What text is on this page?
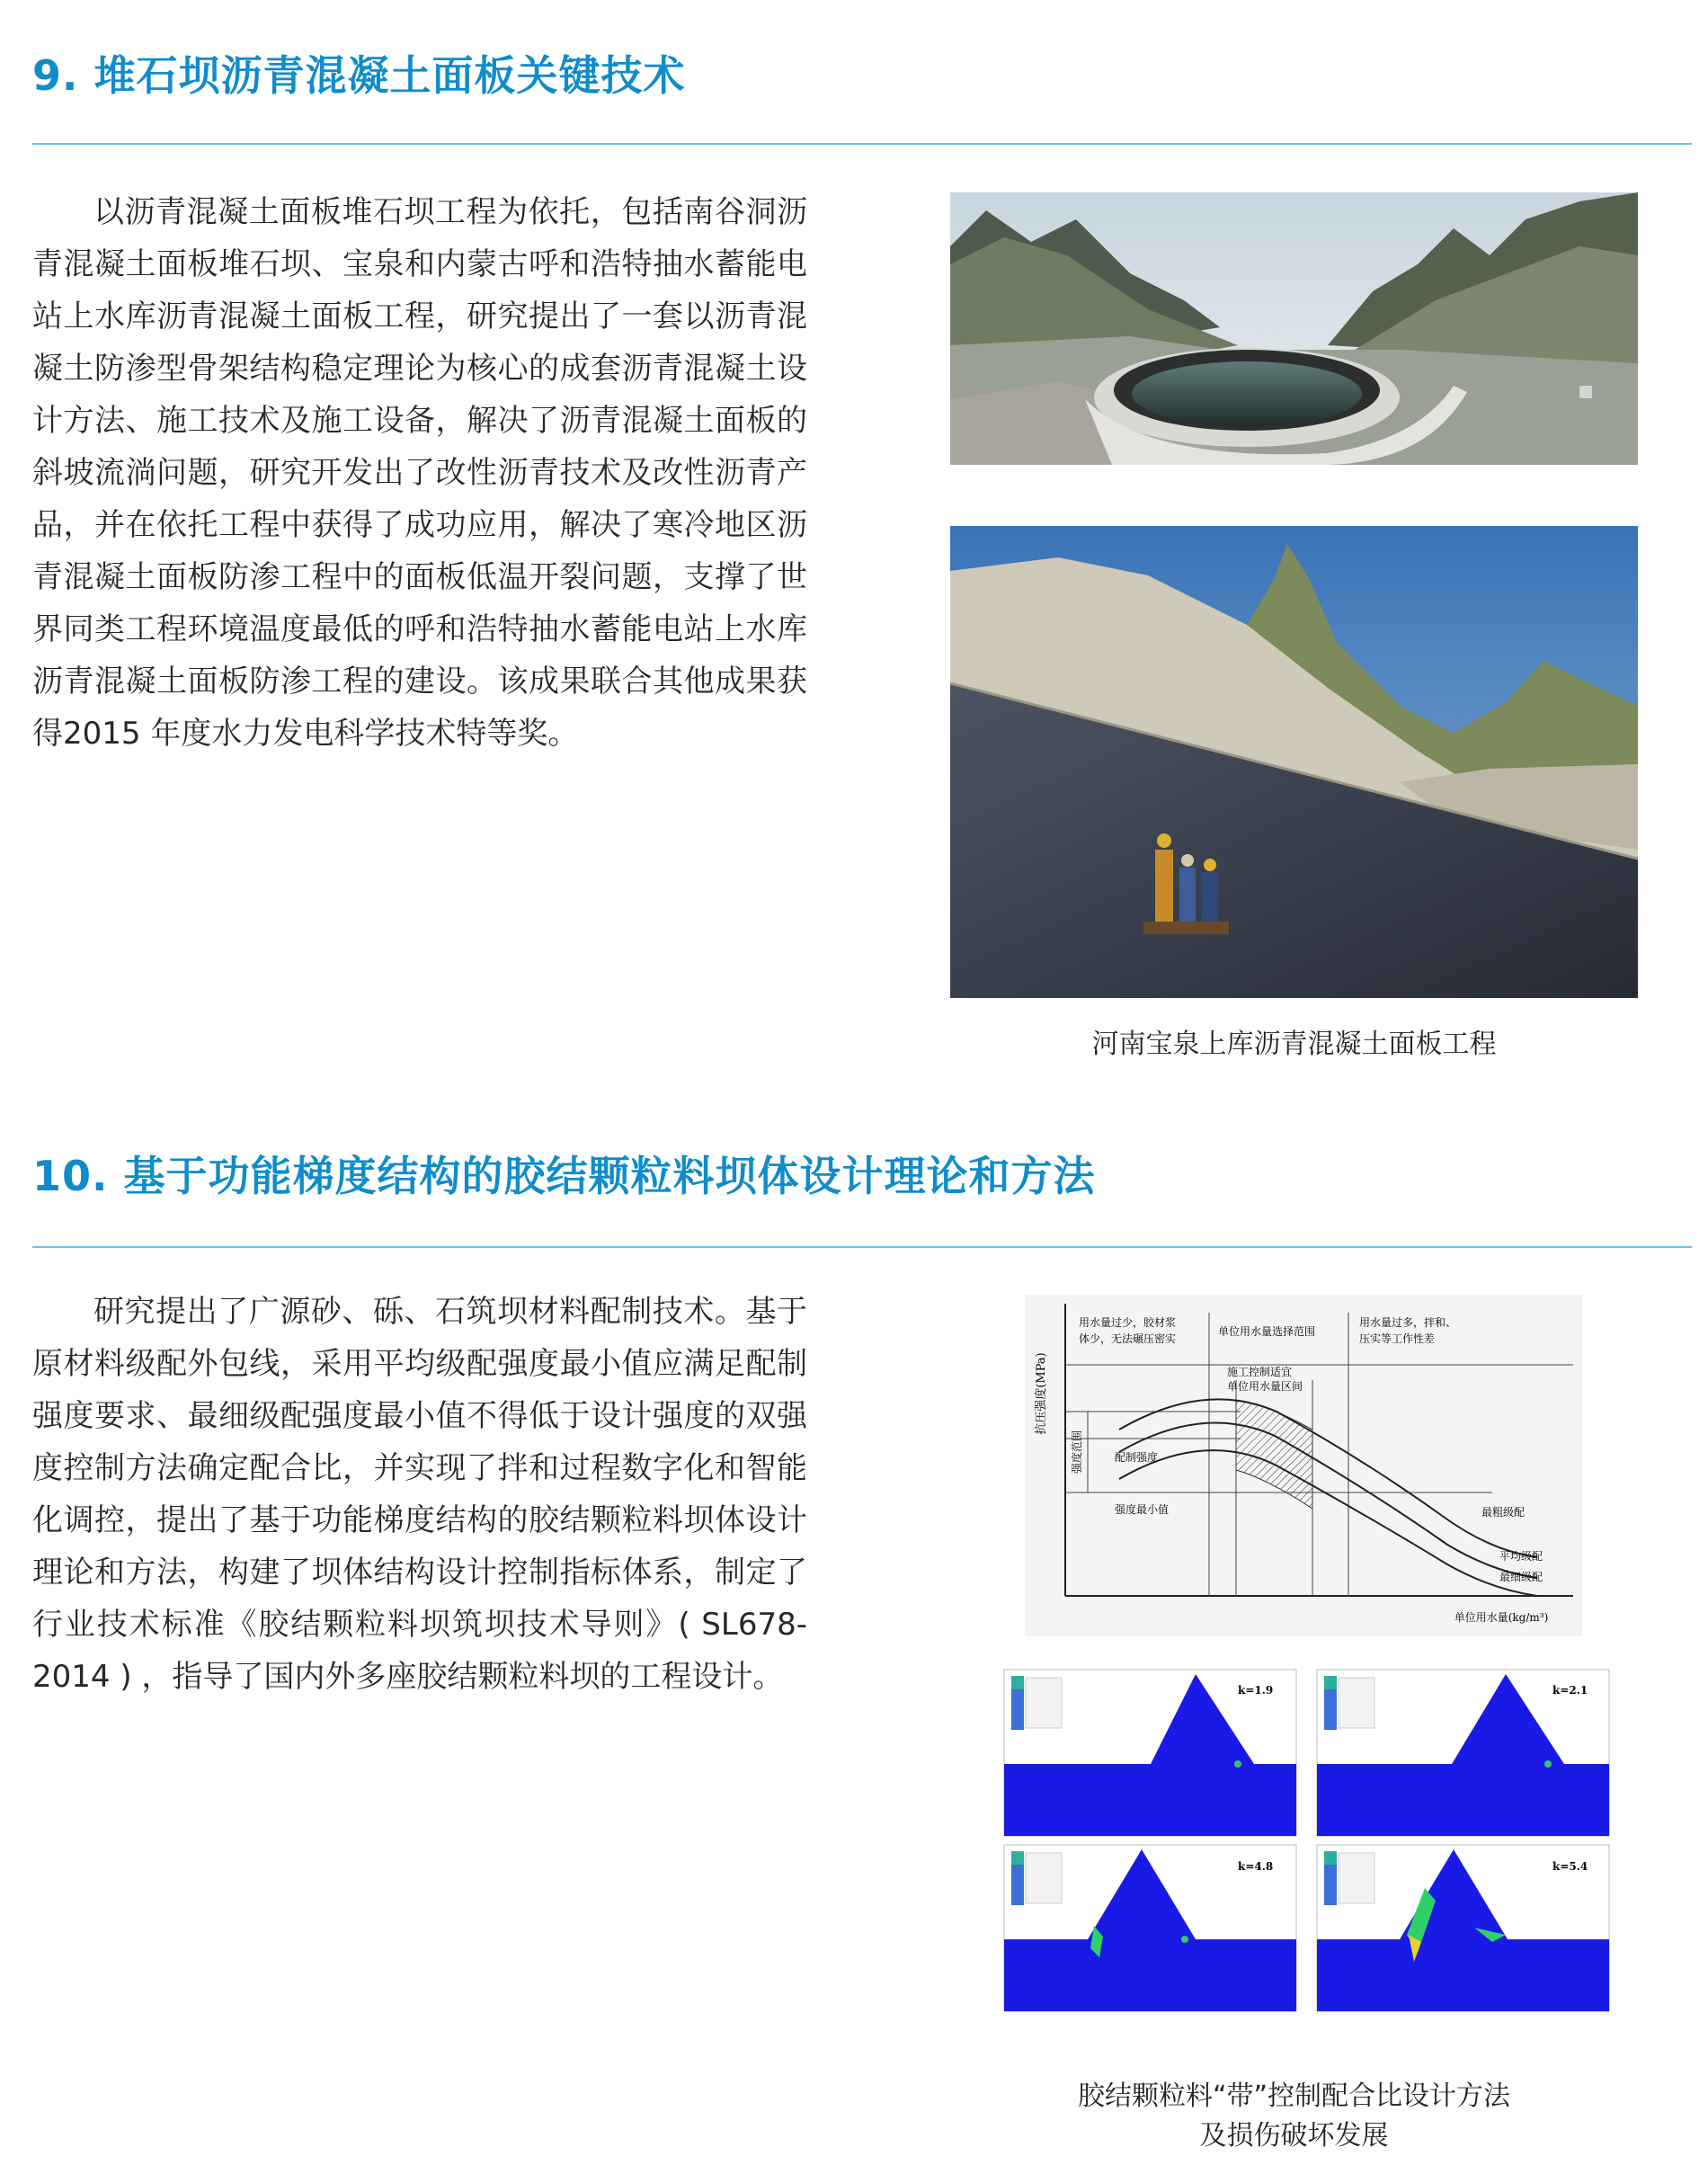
9. 堆石坝沥青混凝土面板关键技术

以沥青混凝土面板堆石坝工程为依托，包括南谷洞沥青混凝土面板堆石坝、宝泉和内蒙古呼和浩特抽水蓄能电站上水库沥青混凝土面板工程，研究提出了一套以沥青混凝土防渗型骨架结构稳定理论为核心的成套沥青混凝土设计方法、施工技术及施工设备，解决了沥青混凝土面板的斜坡流淌问题，研究开发出了改性沥青技术及改性沥青产品，并在依托工程中获得了成功应用，解决了寒冷地区沥青混凝土面板防渗工程中的面板低温开裂问题，支撑了世界同类工程环境温度最低的呼和浩特抽水蓄能电站上水库沥青混凝土面板防渗工程的建设。该成果联合其他成果获得2015 年度水力发电科学技术特等奖。

河南宝泉上库沥青混凝土面板工程

10. 基于功能梯度结构的胶结颗粒料坝体设计理论和方法

研究提出了广源砂、砾、石筑坝材料配制技术。基于原材料级配外包线，采用平均级配强度最小值应满足配制强度要求、最细级配强度最小值不得低于设计强度的双强度控制方法确定配合比，并实现了拌和过程数字化和智能化调控，提出了基于功能梯度结构的胶结颗粒料坝体设计理论和方法，构建了坝体结构设计控制指标体系，制定了行业技术标准《胶结颗粒料坝筑坝技术导则》( SL678-2014 ) ，指导了国内外多座胶结颗粒料坝的工程设计。

抗压强度(MPa)
单位用水量(kg/m³)
用水量过少，胶材浆
体少，无法碾压密实
单位用水量选择范围
用水量过多，拌和、
压实等工作性差
施工控制适宜
单位用水量区间
强度范围	配制强度
强度最小值	最粗级配
平均级配
最细级配
k=1.9	k=2.1
k=4.8	k=5.4

胶结颗粒料“带”控制配合比设计方法
及损伤破坏发展
